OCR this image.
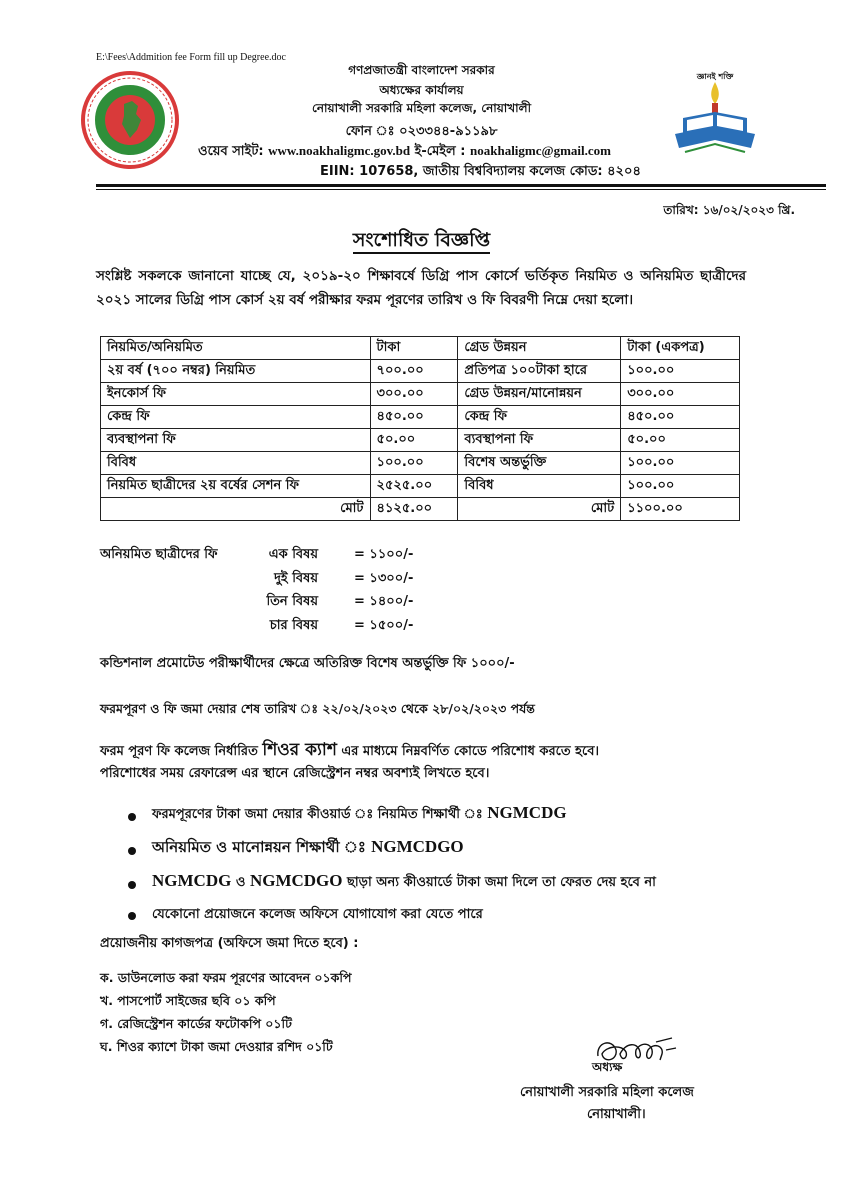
E:\Fees\Addmition fee Form fill up Degree.doc
জ্ঞানই শক্তি
গণপ্রজাতন্ত্রী বাংলাদেশ সরকার
অধ্যক্ষের কার্যালয়
নোয়াখালী সরকারি মহিলা কলেজ, নোয়াখালী
ফোন ঃ ০২৩৩৪৪-৯১১৯৮
ওয়েব সাইট: www.noakhaligmc.gov.bd ই-মেইল : noakhaligmc@gmail.com
EIIN: 107658, জাতীয় বিশ্ববিদ্যালয় কলেজ কোড: ৪২০৪
তারিখ: ১৬/০২/২০২৩ খ্রি.
সংশোধিত বিজ্ঞপ্তি
সংশ্লিষ্ট সকলকে জানানো যাচ্ছে যে, ২০১৯-২০ শিক্ষাবর্ষে ডিগ্রি পাস কোর্সে ভর্তিকৃত নিয়মিত ও অনিয়মিত ছাত্রীদের ২০২১ সালের ডিগ্রি পাস কোর্স ২য় বর্ষ পরীক্ষার ফরম পূরণের তারিখ ও ফি বিবরণী নিম্নে দেয়া হলো।
নিয়মিত/অনিয়মিত	টাকা	গ্রেড উন্নয়ন	টাকা (একপত্র)
২য় বর্ষ (৭০০ নম্বর) নিয়মিত	৭০০.০০	প্রতিপত্র ১০০টাকা হারে	১০০.০০
ইনকোর্স ফি	৩০০.০০	গ্রেড উন্নয়ন/মানোন্নয়ন	৩০০.০০
কেন্দ্র ফি	৪৫০.০০	কেন্দ্র ফি	৪৫০.০০
ব্যবস্থাপনা ফি	৫০.০০	ব্যবস্থাপনা ফি	৫০.০০
বিবিধ	১০০.০০	বিশেষ অন্তর্ভুক্তি	১০০.০০
নিয়মিত ছাত্রীদের ২য় বর্ষের সেশন ফি	২৫২৫.০০	বিবিধ	১০০.০০
মোট	৪১২৫.০০	মোট	১১০০.০০
অনিয়মিত ছাত্রীদের ফি	এক বিষয়	= ১১০০/-
দুই বিষয়	= ১৩০০/-
তিন বিষয়	= ১৪০০/-
চার বিষয়	= ১৫০০/-
কন্ডিশনাল প্রমোটেড পরীক্ষার্থীদের ক্ষেত্রে অতিরিক্ত বিশেষ অন্তর্ভুক্তি ফি ১০০০/-
ফরমপূরণ ও ফি জমা দেয়ার শেষ তারিখ ঃ ২২/০২/২০২৩ থেকে ২৮/০২/২০২৩ পর্যন্ত
ফরম পূরণ ফি কলেজ নির্ধারিত শিওর ক্যাশ এর মাধ্যমে নিম্নবর্ণিত কোডে পরিশোধ করতে হবে।
পরিশোধের সময় রেফারেন্স এর স্থানে রেজিস্ট্রেশন নম্বর অবশ্যই লিখতে হবে।
ফরমপূরণের টাকা জমা দেয়ার কীওয়ার্ড ঃ নিয়মিত শিক্ষার্থী ঃ NGMCDG
অনিয়মিত ও মানোন্নয়ন শিক্ষার্থী ঃ NGMCDGO
NGMCDG ও NGMCDGO ছাড়া অন্য কীওয়ার্ডে টাকা জমা দিলে তা ফেরত দেয় হবে না
যেকোনো প্রয়োজনে কলেজ অফিসে যোগাযোগ করা যেতে পারে
প্রয়োজনীয় কাগজপত্র (অফিসে জমা দিতে হবে) :
ক. ডাউনলোড করা ফরম পূরণের আবেদন ০১কপি
খ. পাসপোর্ট সাইজের ছবি ০১ কপি
গ. রেজিস্ট্রেশন কার্ডের ফটোকপি ০১টি
ঘ. শিওর ক্যাশে টাকা জমা দেওয়ার রশিদ ০১টি
অধ্যক্ষ
নোয়াখালী সরকারি মহিলা কলেজ
নোয়াখালী।
